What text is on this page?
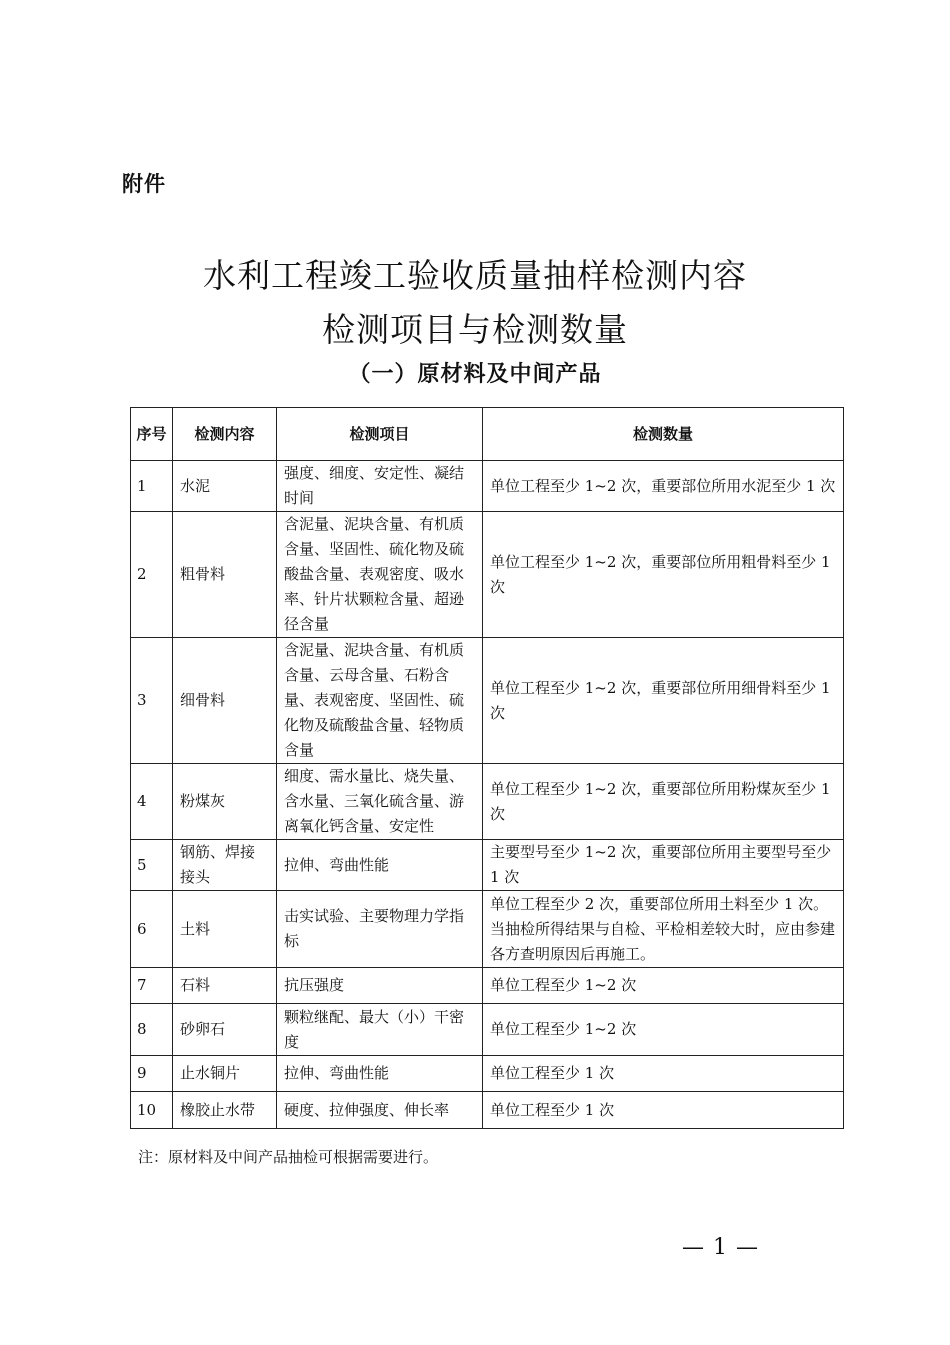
附件
水利工程竣工验收质量抽样检测内容
检测项目与检测数量
（一）原材料及中间产品
序号	检测内容	检测项目	检测数量
1	水泥	强度、细度、安定性、凝结时间	单位工程至少 1~2 次，重要部位所用水泥至少 1 次
2	粗骨料	含泥量、泥块含量、有机质含量、坚固性、硫化物及硫酸盐含量、表观密度、吸水率、针片状颗粒含量、超逊径含量	单位工程至少 1~2 次，重要部位所用粗骨料至少 1 次
3	细骨料	含泥量、泥块含量、有机质含量、云母含量、石粉含量、表观密度、坚固性、硫化物及硫酸盐含量、轻物质含量	单位工程至少 1~2 次，重要部位所用细骨料至少 1 次
4	粉煤灰	细度、需水量比、烧失量、含水量、三氧化硫含量、游离氧化钙含量、安定性	单位工程至少 1~2 次，重要部位所用粉煤灰至少 1 次
5	钢筋、焊接接头	拉伸、弯曲性能	主要型号至少 1~2 次，重要部位所用主要型号至少 1 次
6	土料	击实试验、主要物理力学指标	单位工程至少 2 次，重要部位所用土料至少 1 次。当抽检所得结果与自检、平检相差较大时，应由参建各方查明原因后再施工。
7	石料	抗压强度	单位工程至少 1~2 次
8	砂卵石	颗粒继配、最大（小）干密度	单位工程至少 1~2 次
9	止水铜片	拉伸、弯曲性能	单位工程至少 1 次
10	橡胶止水带	硬度、拉伸强度、伸长率	单位工程至少 1 次
注：原材料及中间产品抽检可根据需要进行。
— 1 —
